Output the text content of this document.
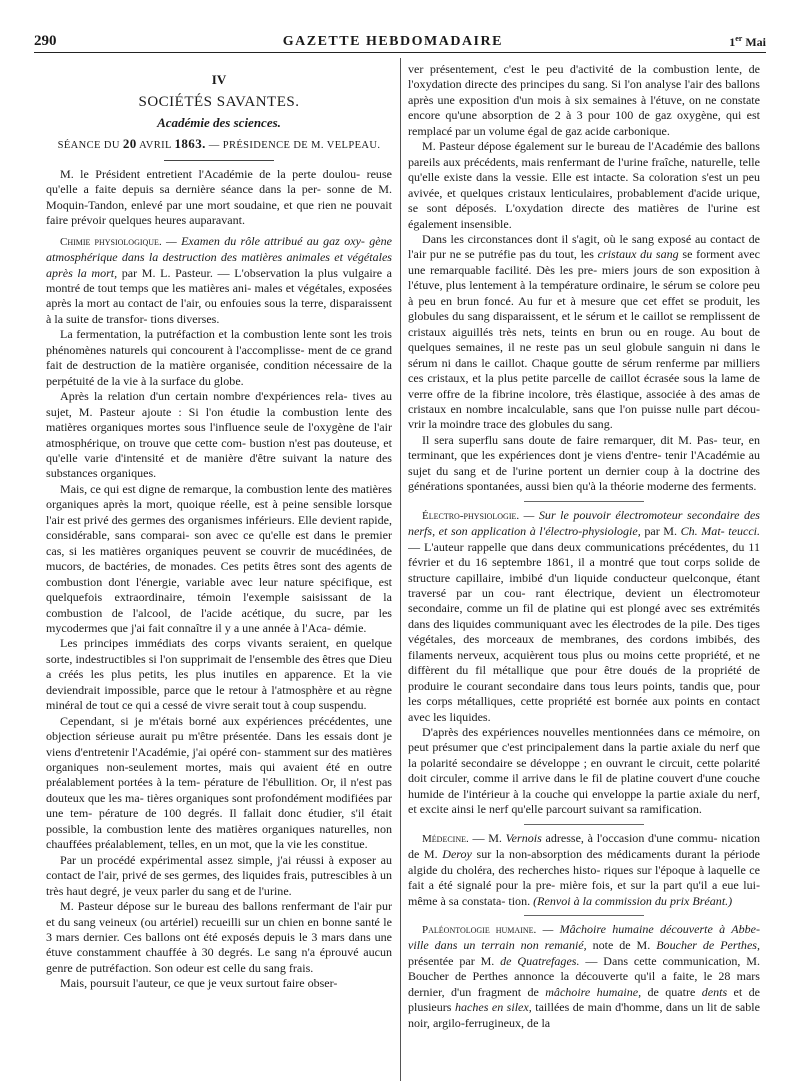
290	GAZETTE HEBDOMADAIRE	1er Mai

IV

SOCIÉTÉS SAVANTES.

Académie des sciences.

SÉANCE DU 20 AVRIL 1863. — PRÉSIDENCE DE M. VELPEAU.

M. le Président entretient l'Académie de la perte doulou- reuse qu'elle a faite depuis sa dernière séance dans la per- sonne de M. Moquin-Tandon, enlevé par une mort soudaine, et que rien ne pouvait faire prévoir quelques heures auparavant.

Chimie physiologique. — Examen du rôle attribué au gaz oxy- gène atmosphérique dans la destruction des matières animales et végétales après la mort, par M. L. Pasteur. — L'observation la plus vulgaire a montré de tout temps que les matières ani- males et végétales, exposées après la mort au contact de l'air, ou enfouies sous la terre, disparaissent à la suite de transfor- tions diverses.

La fermentation, la putréfaction et la combustion lente sont les trois phénomènes naturels qui concourent à l'accomplisse- ment de ce grand fait de destruction de la matière organisée, condition nécessaire de la perpétuité de la vie à la surface du globe.

Après la relation d'un certain nombre d'expériences rela- tives au sujet, M. Pasteur ajoute : Si l'on étudie la combustion lente des matières organiques mortes sous l'influence seule de l'oxygène de l'air atmosphérique, on trouve que cette com- bustion n'est pas douteuse, et qu'elle varie d'intensité et de manière d'être suivant la nature des substances organiques.

Mais, ce qui est digne de remarque, la combustion lente des matières organiques après la mort, quoique réelle, est à peine sensible lorsque l'air est privé des germes des organismes inférieurs. Elle devient rapide, considérable, sans comparai- son avec ce qu'elle est dans le premier cas, si les matières organiques peuvent se couvrir de mucédinées, de mucors, de bactéries, de monades. Ces petits êtres sont des agents de combustion dont l'énergie, variable avec leur nature spécifique, est quelquefois extraordinaire, témoin l'exemple saisissant de la combustion de l'alcool, de l'acide acétique, du sucre, par les mycodermes que j'ai fait connaître il y a une année à l'Aca- démie.

Les principes immédiats des corps vivants seraient, en quelque sorte, indestructibles si l'on supprimait de l'ensemble des êtres que Dieu a créés les plus petits, les plus inutiles en apparence. Et la vie deviendrait impossible, parce que le retour à l'atmosphère et au règne minéral de tout ce qui a cessé de vivre serait tout à coup suspendu.

Cependant, si je m'étais borné aux expériences précédentes, une objection sérieuse aurait pu m'être présentée. Dans les essais dont je viens d'entretenir l'Académie, j'ai opéré con- stamment sur des matières organiques non-seulement mortes, mais qui avaient été en outre préalablement portées à la tem- pérature de l'ébullition. Or, il n'est pas douteux que les ma- tières organiques sont profondément modifiées par une tem- pérature de 100 degrés. Il fallait donc étudier, s'il était possible, la combustion lente des matières organiques naturelles, non chauffées préalablement, telles, en un mot, que la vie les constitue.

Par un procédé expérimental assez simple, j'ai réussi à exposer au contact de l'air, privé de ses germes, des liquides frais, putrescibles à un très haut degré, je veux parler du sang et de l'urine.

M. Pasteur dépose sur le bureau des ballons renfermant de l'air pur et du sang veineux (ou artériel) recueilli sur un chien en bonne santé le 3 mars dernier. Ces ballons ont été exposés depuis le 3 mars dans une étuve constamment chauffée à 30 degrés. Le sang n'a éprouvé aucun genre de putréfaction. Son odeur est celle du sang frais.

Mais, poursuit l'auteur, ce que je veux surtout faire obser-

ver présentement, c'est le peu d'activité de la combustion lente, de l'oxydation directe des principes du sang. Si l'on analyse l'air des ballons après une exposition d'un mois à six semaines à l'étuve, on ne constate encore qu'une absorption de 2 à 3 pour 100 de gaz oxygène, qui est remplacé par un volume égal de gaz acide carbonique.

M. Pasteur dépose également sur le bureau de l'Académie des ballons pareils aux précédents, mais renfermant de l'urine fraîche, naturelle, telle qu'elle existe dans la vessie. Elle est intacte. Sa coloration s'est un peu avivée, et quelques cristaux lenticulaires, probablement d'acide urique, se sont déposés. L'oxydation directe des matières de l'urine est également insensible.

Dans les circonstances dont il s'agit, où le sang exposé au contact de l'air pur ne se putréfie pas du tout, les cristaux du sang se forment avec une remarquable facilité. Dès les pre- miers jours de son exposition à l'étuve, plus lentement à la température ordinaire, le sérum se colore peu à peu en brun foncé. Au fur et à mesure que cet effet se produit, les globules du sang disparaissent, et le sérum et le caillot se remplissent de cristaux aiguillés très nets, teints en brun ou en rouge. Au bout de quelques semaines, il ne reste pas un seul globule sanguin ni dans le sérum ni dans le caillot. Chaque goutte de sérum renferme par milliers ces cristaux, et la plus petite parcelle de caillot écrasée sous la lame de verre offre de la fibrine incolore, très élastique, associée à des amas de cristaux en nombre incalculable, sans que l'on puisse nulle part décou- vrir la moindre trace des globules du sang.

Il sera superflu sans doute de faire remarquer, dit M. Pas- teur, en terminant, que les expériences dont je viens d'entre- tenir l'Académie au sujet du sang et de l'urine portent un dernier coup à la doctrine des générations spontanées, aussi bien qu'à la théorie moderne des ferments.

Électro-physiologie. — Sur le pouvoir électromoteur secondaire des nerfs, et son application à l'électro-physiologie, par M. Ch. Mat- teucci. — L'auteur rappelle que dans deux communications précédentes, du 11 février et du 16 septembre 1861, il a montré que tout corps solide de structure capillaire, imbibé d'un liquide conducteur quelconque, étant traversé par un cou- rant électrique, devient un électromoteur secondaire, comme un fil de platine qui est plongé avec ses extrémités dans des liquides communiquant avec les électrodes de la pile. Des tiges végétales, des morceaux de membranes, des cordons imbibés, des filaments nerveux, acquièrent tous plus ou moins cette propriété, et ne diffèrent du fil métallique que pour être doués de la propriété de produire le courant secondaire dans tous leurs points, tandis que, pour les corps métalliques, cette propriété est bornée aux points en contact avec les liquides.

D'après des expériences nouvelles mentionnées dans ce mémoire, on peut présumer que c'est principalement dans la partie axiale du nerf que la polarité secondaire se développe ; en ouvrant le circuit, cette polarité doit circuler, comme il arrive dans le fil de platine couvert d'une couche humide de l'intérieur à la couche qui enveloppe la partie axiale du nerf, et excite ainsi le nerf qu'elle parcourt suivant sa ramification.

Médecine. — M. Vernois adresse, à l'occasion d'une commu- nication de M. Deroy sur la non-absorption des médicaments durant la période algide du choléra, des recherches histo- riques sur l'époque à laquelle ce fait a été signalé pour la pre- mière fois, et sur la part qu'il a eue lui-même à sa constata- tion. (Renvoi à la commission du prix Bréant.)

Paléontologie humaine. — Mâchoire humaine découverte à Abbe- ville dans un terrain non remanié, note de M. Boucher de Perthes, présentée par M. de Quatrefages. — Dans cette communication, M. Boucher de Perthes annonce la découverte qu'il a faite, le 28 mars dernier, d'un fragment de mâchoire humaine, de quatre dents et de plusieurs haches en silex, taillées de main d'homme, dans un lit de sable noir, argilo-ferrugineux, de la
